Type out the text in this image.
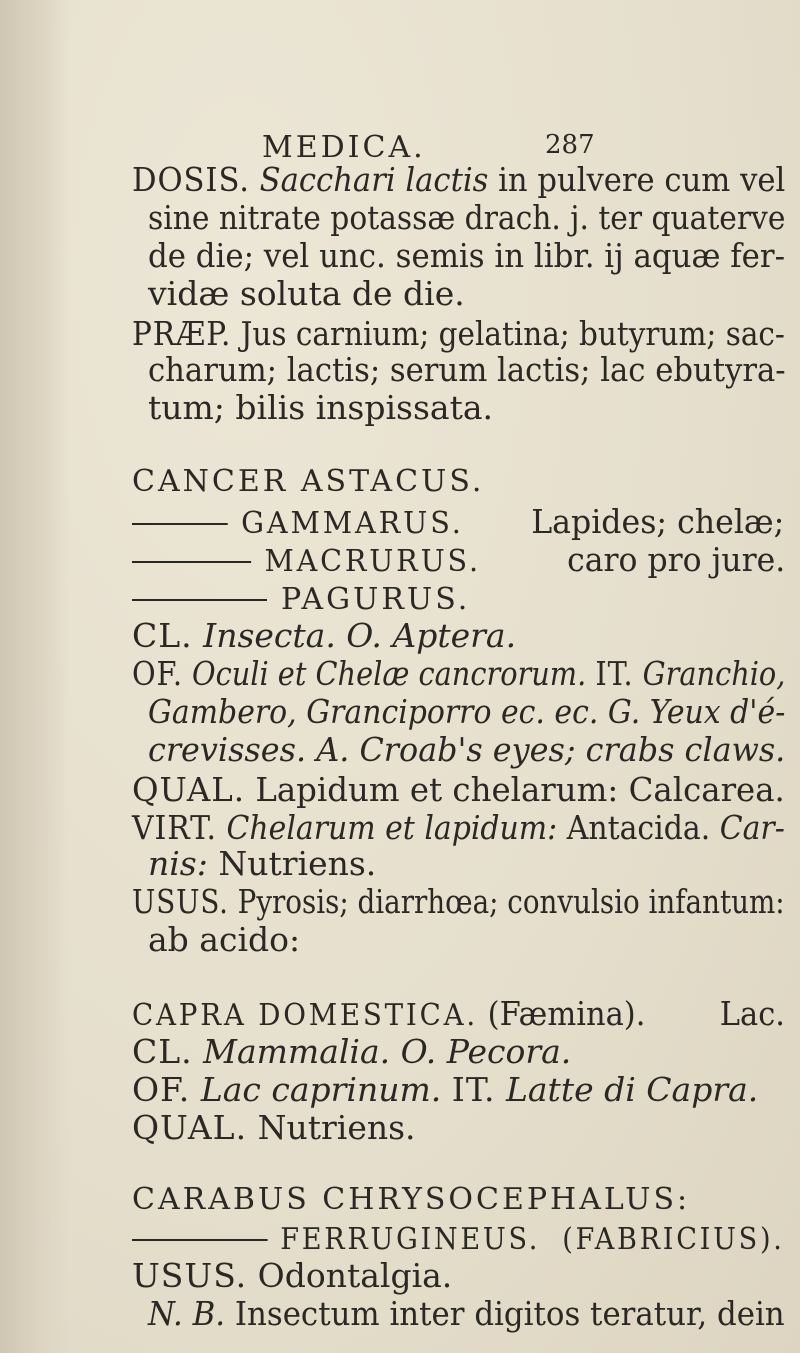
MEDICA.	287
DOSIS. Sacchari lactis in pulvere cum vel
sine nitrate potassæ drach. j. ter quaterve
de die; vel unc. semis in libr. ij aquæ fer-
vidæ soluta de die.
PRÆP. Jus carnium; gelatina; butyrum; sac-
charum; lactis; serum lactis; lac ebutyra-
tum; bilis inspissata.
CANCER ASTACUS.
GAMMARUS. Lapides; chelæ;
MACRURUS.	caro pro jure.
PAGURUS.
CL. Insecta. O. Aptera.
OF. Oculi et Chelæ cancrorum. IT. Granchio,
Gambero, Granciporro ec. ec. G. Yeux d'é-
crevisses. A. Croab's eyes; crabs claws.
QUAL. Lapidum et chelarum: Calcarea.
VIRT. Chelarum et lapidum: Antacida. Car-
nis: Nutriens.
USUS. Pyrosis; diarrhœa; convulsio infantum:
ab acido:
CAPRA DOMESTICA. (Fæmina). Lac.
CL. Mammalia. O. Pecora.
OF. Lac caprinum. IT. Latte di Capra.
QUAL. Nutriens.
CARABUS CHRYSOCEPHALUS:
FERRUGINEUS. (FABRICIUS).
USUS. Odontalgia.
N. B. Insectum inter digitos teratur, dein
